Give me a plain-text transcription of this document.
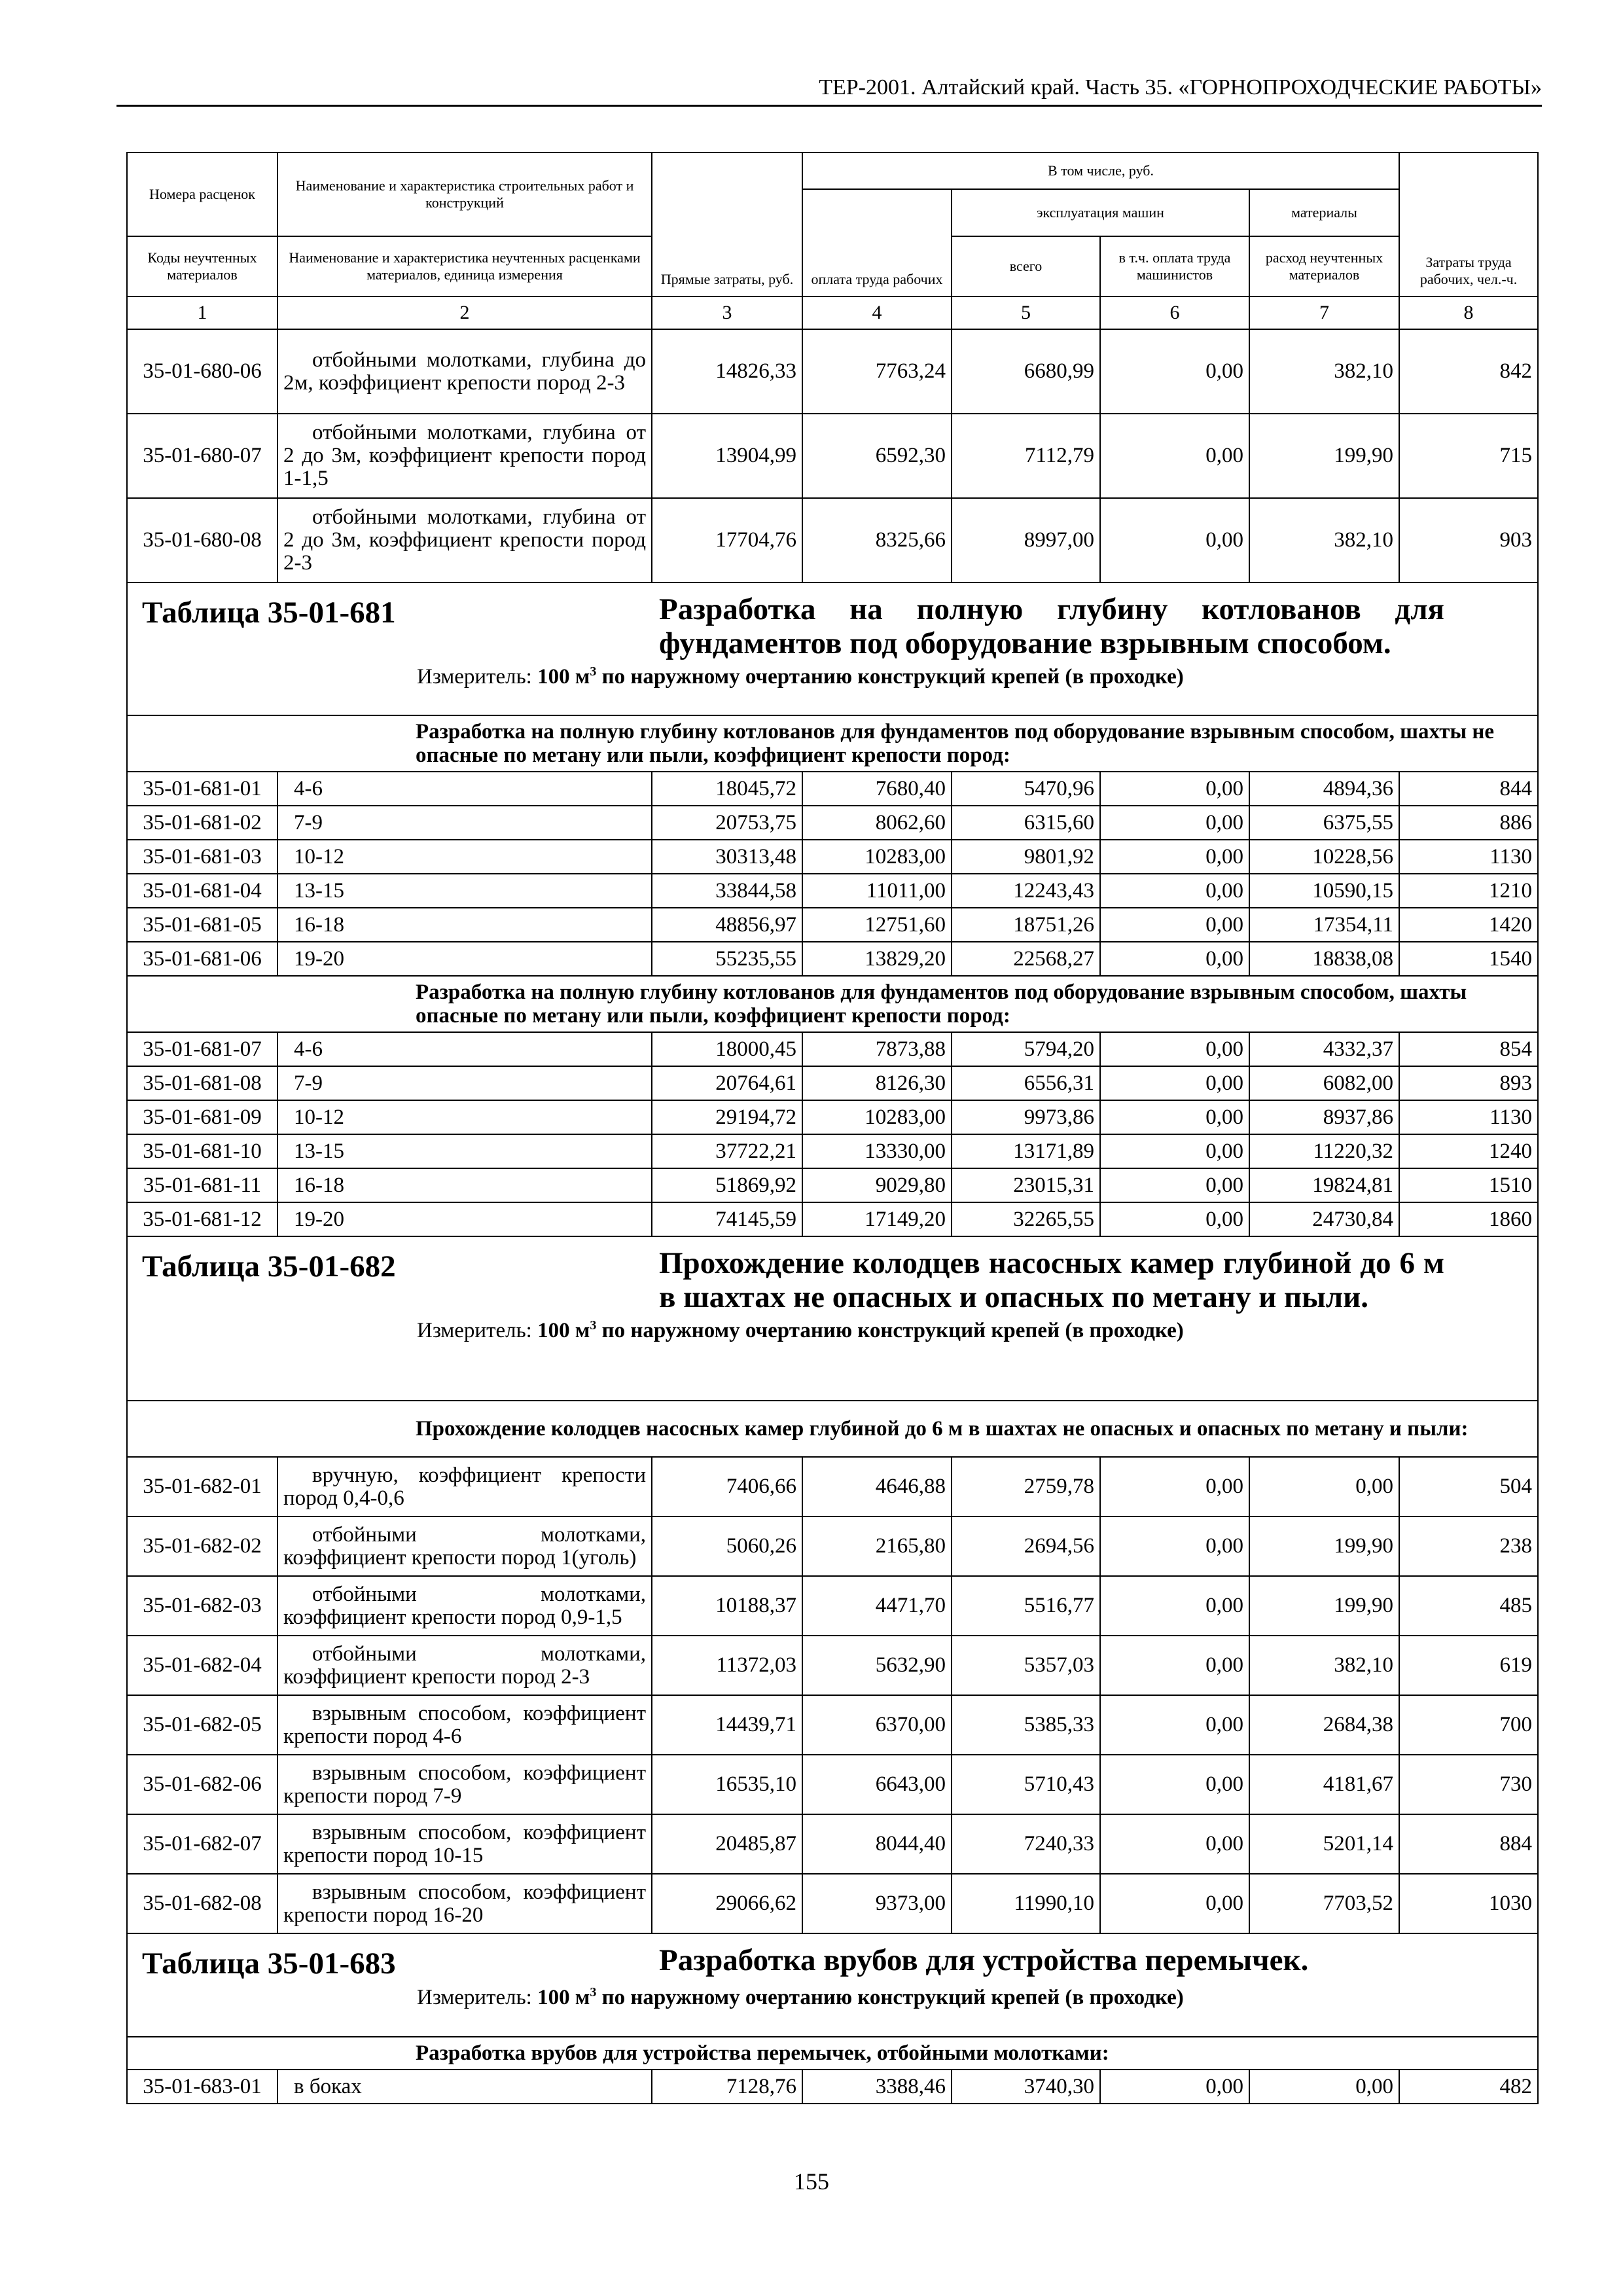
ТЕР-2001. Алтайский край. Часть 35. «ГОРНОПРОХОДЧЕСКИЕ РАБОТЫ»
Номера расценок	Наименование и характеристика строительных работ и конструкций	Прямые затраты, руб.	В том числе, руб.				Затраты труда рабочих, чел.-ч.
			оплата труда рабочих	эксплуатация машин		материалы	
Коды неучтенных материалов	Наименование и характеристика неучтенных расценками материалов, единица измерения			всего	в т.ч. оплата труда машинистов	расход неучтенных материалов	
1	2	3	4	5	6	7	8
35-01-680-06	отбойными молотками, глубина до 2м, коэффициент крепости пород 2-3	14826,33	7763,24	6680,99	0,00	382,10	842
35-01-680-07	отбойными молотками, глубина от 2 до 3м, коэффициент крепости пород 1-1,5	13904,99	6592,30	7112,79	0,00	199,90	715
35-01-680-08	отбойными молотками, глубина от 2 до 3м, коэффициент крепости пород 2-3	17704,76	8325,66	8997,00	0,00	382,10	903

Таблица 35-01-681 Разработка на полную глубину котлованов для фундаментов под оборудование взрывным способом.
Измеритель: 100 $м^3$ по наружному очертанию конструкций крепей (в проходке)							

Разработка на полную глубину котлованов для фундаментов под оборудование взрывным способом, шахты не опасные по метану или пыли, коэффициент крепости пород:							
35-01-681-01	4-6	18045,72	7680,40	5470,96	0,00	4894,36	844
35-01-681-02	7-9	20753,75	8062,60	6315,60	0,00	6375,55	886
35-01-681-03	10-12	30313,48	10283,00	9801,92	0,00	10228,56	1130
35-01-681-04	13-15	33844,58	11011,00	12243,43	0,00	10590,15	1210
35-01-681-05	16-18	48856,97	12751,60	18751,26	0,00	17354,11	1420
35-01-681-06	19-20	55235,55	13829,20	22568,27	0,00	18838,08	1540
Разработка на полную глубину котлованов для фундаментов под оборудование взрывным способом, шахты опасные по метану или пыли, коэффициент крепости пород:							
35-01-681-07	4-6	18000,45	7873,88	5794,20	0,00	4332,37	854
35-01-681-08	7-9	20764,61	8126,30	6556,31	0,00	6082,00	893
35-01-681-09	10-12	29194,72	10283,00	9973,86	0,00	8937,86	1130
35-01-681-10	13-15	37722,21	13330,00	13171,89	0,00	11220,32	1240
35-01-681-11	16-18	51869,92	9029,80	23015,31	0,00	19824,81	1510
35-01-681-12	19-20	74145,59	17149,20	32265,55	0,00	24730,84	1860

Таблица 35-01-682 Прохождение колодцев насосных камер глубиной до 6 м в шахтах не опасных и опасных по метану и пыли.
Измеритель: 100 $м^3$ по наружному очертанию конструкций крепей (в проходке)							

Прохождение колодцев насосных камер глубиной до 6 м в шахтах не опасных и опасных по метану и пыли:							
35-01-682-01	вручную, коэффициент крепости пород 0,4-0,6	7406,66	4646,88	2759,78	0,00	0,00	504
35-01-682-02	отбойными молотками, коэффициент крепости пород 1(уголь)	5060,26	2165,80	2694,56	0,00	199,90	238
35-01-682-03	отбойными молотками, коэффициент крепости пород 0,9-1,5	10188,37	4471,70	5516,77	0,00	199,90	485
35-01-682-04	отбойными молотками, коэффициент крепости пород 2-3	11372,03	5632,90	5357,03	0,00	382,10	619
35-01-682-05	взрывным способом, коэффициент крепости пород 4-6	14439,71	6370,00	5385,33	0,00	2684,38	700
35-01-682-06	взрывным способом, коэффициент крепости пород 7-9	16535,10	6643,00	5710,43	0,00	4181,67	730
35-01-682-07	взрывным способом, коэффициент крепости пород 10-15	20485,87	8044,40	7240,33	0,00	5201,14	884
35-01-682-08	взрывным способом, коэффициент крепости пород 16-20	29066,62	9373,00	11990,10	0,00	7703,52	1030

Таблица 35-01-683 Разработка врубов для устройства перемычек.
Измеритель: 100 $м^3$ по наружному очертанию конструкций крепей (в проходке)							

Разработка врубов для устройства перемычек, отбойными молотками:							
35-01-683-01	в боках	7128,76	3388,46	3740,30	0,00	0,00	482
155
